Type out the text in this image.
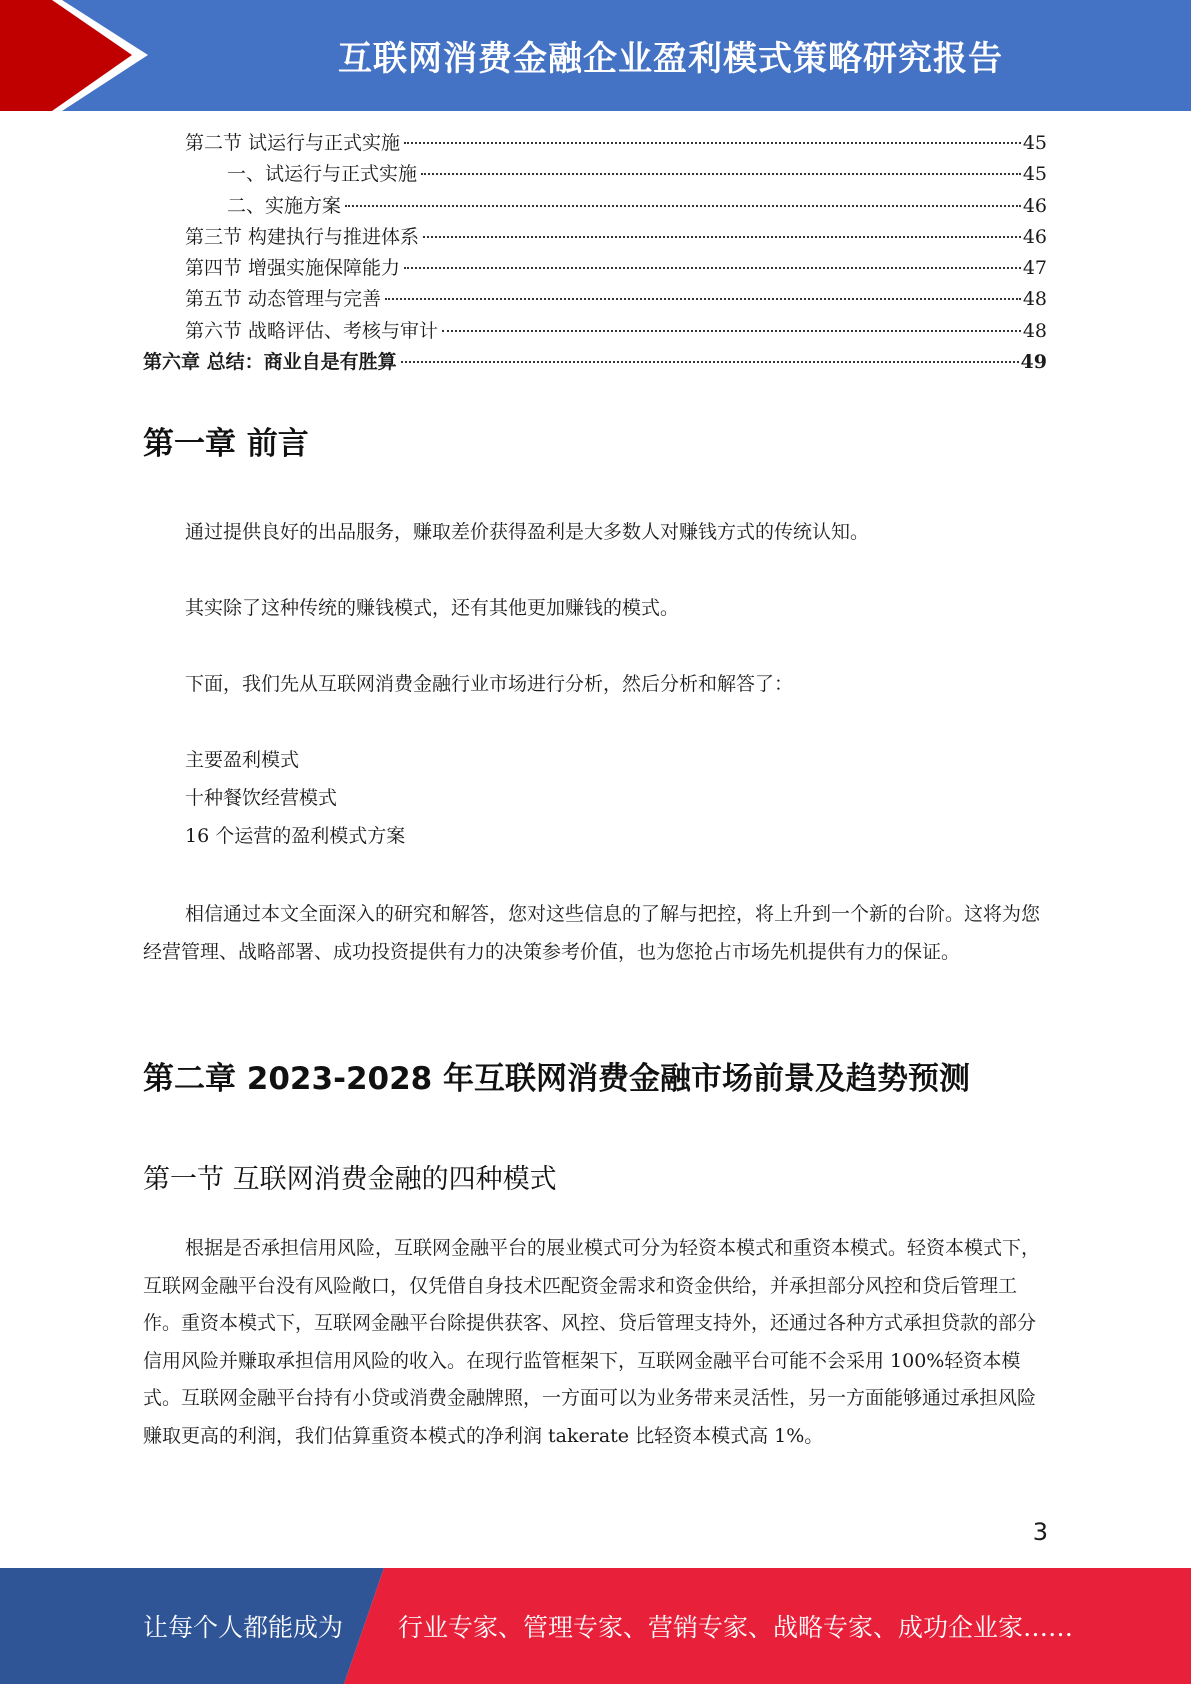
互联网消费金融企业盈利模式策略研究报告
第二节 试运行与正式实施	45
一、试运行与正式实施	45
二、实施方案	46
第三节 构建执行与推进体系	46
第四节 增强实施保障能力	47
第五节 动态管理与完善	48
第六节 战略评估、考核与审计	48
第六章 总结：商业自是有胜算	49
第一章 前言
通过提供良好的出品服务，赚取差价获得盈利是大多数人对赚钱方式的传统认知。
其实除了这种传统的赚钱模式，还有其他更加赚钱的模式。
下面，我们先从互联网消费金融行业市场进行分析，然后分析和解答了：
主要盈利模式
十种餐饮经营模式
16 个运营的盈利模式方案
相信通过本文全面深入的研究和解答，您对这些信息的了解与把控，将上升到一个新的台阶。这将为您经营管理、战略部署、成功投资提供有力的决策参考价值，也为您抢占市场先机提供有力的保证。
第二章 2023-2028 年互联网消费金融市场前景及趋势预测
第一节 互联网消费金融的四种模式
根据是否承担信用风险，互联网金融平台的展业模式可分为轻资本模式和重资本模式。轻资本模式下，互联网金融平台没有风险敞口，仅凭借自身技术匹配资金需求和资金供给，并承担部分风控和贷后管理工作。重资本模式下，互联网金融平台除提供获客、风控、贷后管理支持外，还通过各种方式承担贷款的部分信用风险并赚取承担信用风险的收入。在现行监管框架下，互联网金融平台可能不会采用 100%轻资本模式。互联网金融平台持有小贷或消费金融牌照，一方面可以为业务带来灵活性，另一方面能够通过承担风险赚取更高的利润，我们估算重资本模式的净利润 takerate 比轻资本模式高 1%。
3
让每个人都能成为 行业专家、管理专家、营销专家、战略专家、成功企业家……
